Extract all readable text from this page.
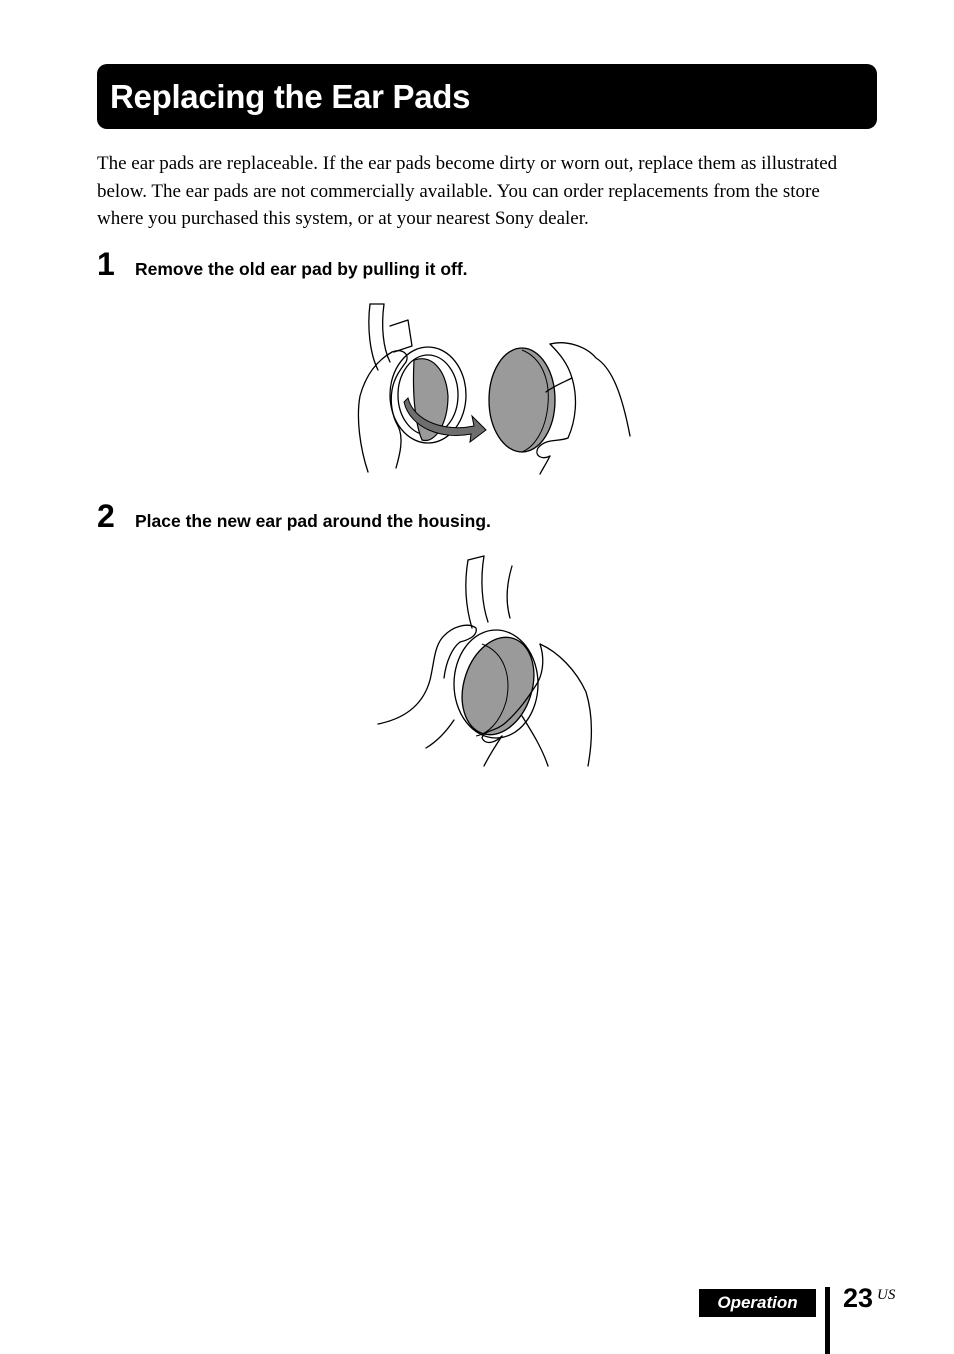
Replacing the Ear Pads

The ear pads are replaceable. If the ear pads become dirty or worn out, replace them as illustrated below. The ear pads are not commercially available. You can order replacements from the store where you purchased this system, or at your nearest Sony dealer.

1	Remove the old ear pad by pulling it off.
2	Place the new ear pad around the housing.
Operation	23 US
